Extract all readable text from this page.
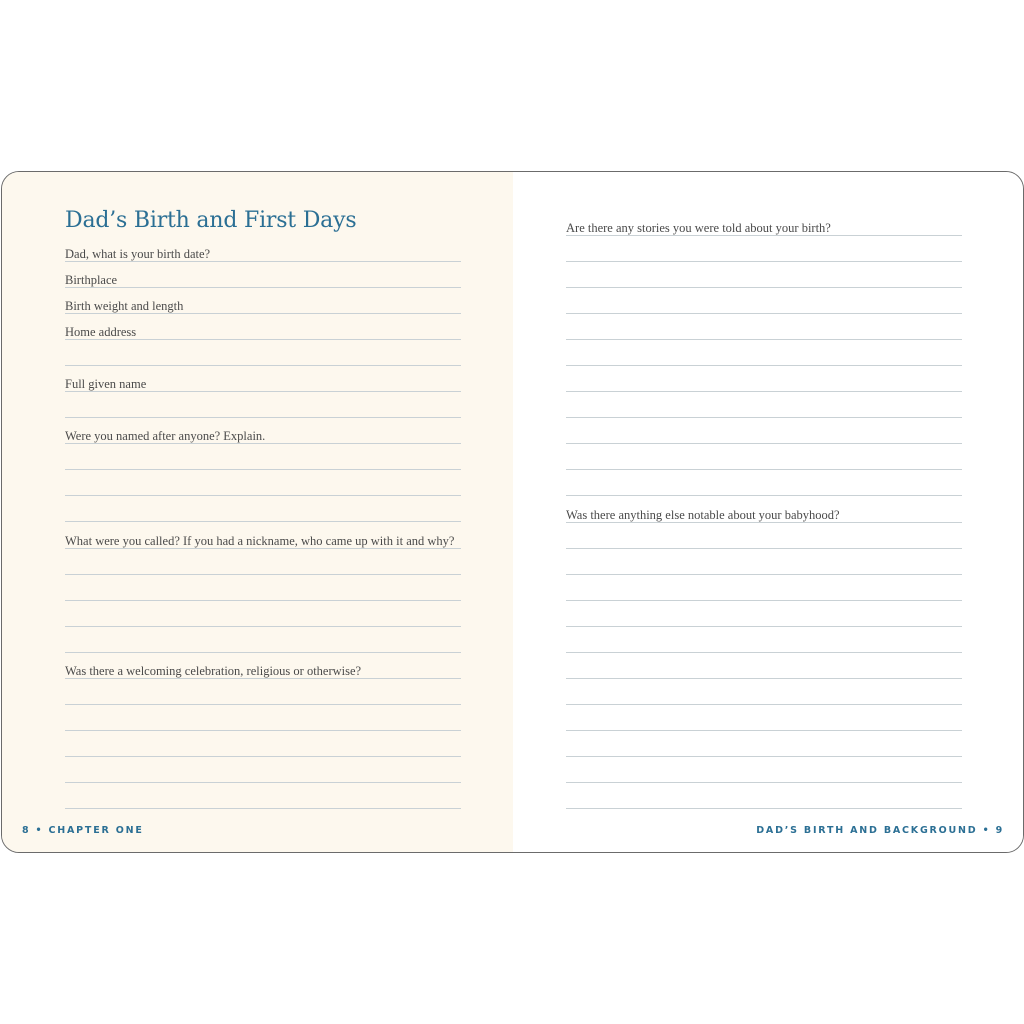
Dad’s Birth and First Days
Dad, what is your birth date?
Birthplace
Birth weight and length
Home address
Full given name
Were you named after anyone? Explain.
What were you called? If you had a nickname, who came up with it and why?
Was there a welcoming celebration, religious or otherwise?
8 • CHAPTER ONE
Are there any stories you were told about your birth?
Was there anything else notable about your babyhood?
DAD’S BIRTH AND BACKGROUND • 9
